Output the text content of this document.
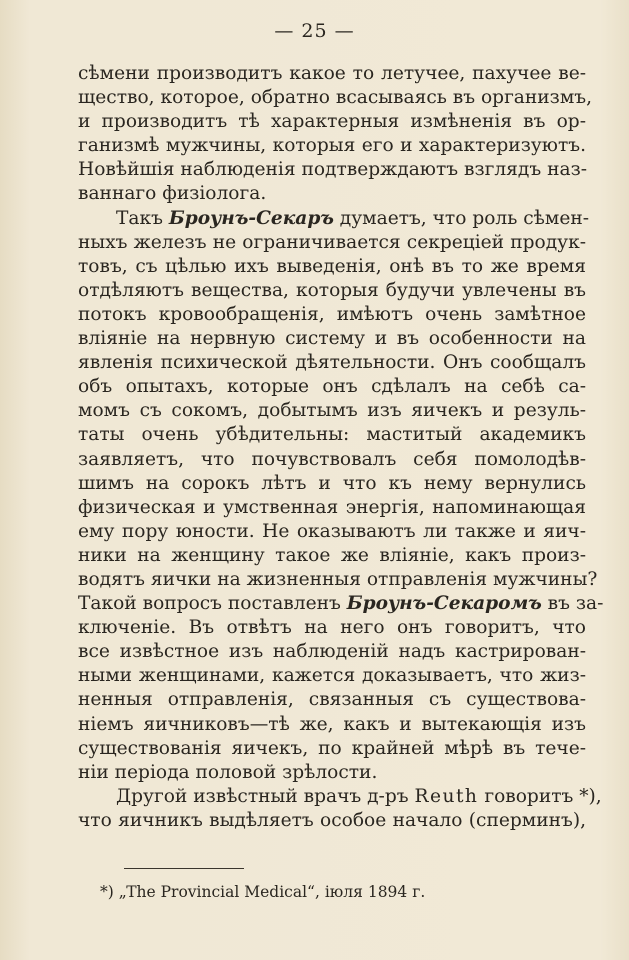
— 25 —
сѣмени производитъ какое то летучее, пахучее ве-
щество, которое, обратно всасываясь въ организмъ,
и производитъ тѣ характерныя измѣненія въ ор-
ганизмѣ мужчины, которыя его и характеризуютъ.
Новѣйшія наблюденія подтверждаютъ взглядъ наз-
ваннаго физіолога.
Такъ Броунъ-Секаръ думаетъ, что роль сѣмен-
ныхъ железъ не ограничивается секреціей продук-
товъ, съ цѣлью ихъ выведенія, онѣ въ то же время
отдѣляютъ вещества, которыя будучи увлечены въ
потокъ кровообращенія, имѣютъ очень замѣтное
вліяніе на нервную систему и въ особенности на
явленія психической дѣятельности. Онъ сообщалъ
объ опытахъ, которые онъ сдѣлалъ на себѣ са-
момъ съ сокомъ, добытымъ изъ яичекъ и резуль-
таты очень убѣдительны: маститый академикъ
заявляетъ, что почувствовалъ себя помолодѣв-
шимъ на сорокъ лѣтъ и что къ нему вернулись
физическая и умственная энергія, напоминающая
ему пору юности. Не оказываютъ ли также и яич-
ники на женщину такое же вліяніе, какъ произ-
водятъ яички на жизненныя отправленія мужчины?
Такой вопросъ поставленъ Броунъ-Секаромъ въ за-
ключеніе. Въ отвѣтъ на него онъ говоритъ, что
все извѣстное изъ наблюденій надъ кастрирован-
ными женщинами, кажется доказываетъ, что жиз-
ненныя отправленія, связанныя съ существова-
ніемъ яичниковъ—тѣ же, какъ и вытекающія изъ
существованія яичекъ, по крайней мѣрѣ въ тече-
ніи періода половой зрѣлости.
Другой извѣстный врачъ д-ръ Reuth говоритъ *),
что яичникъ выдѣляетъ особое начало (сперминъ),
*) „The Provincial Medical“, іюля 1894 г.
